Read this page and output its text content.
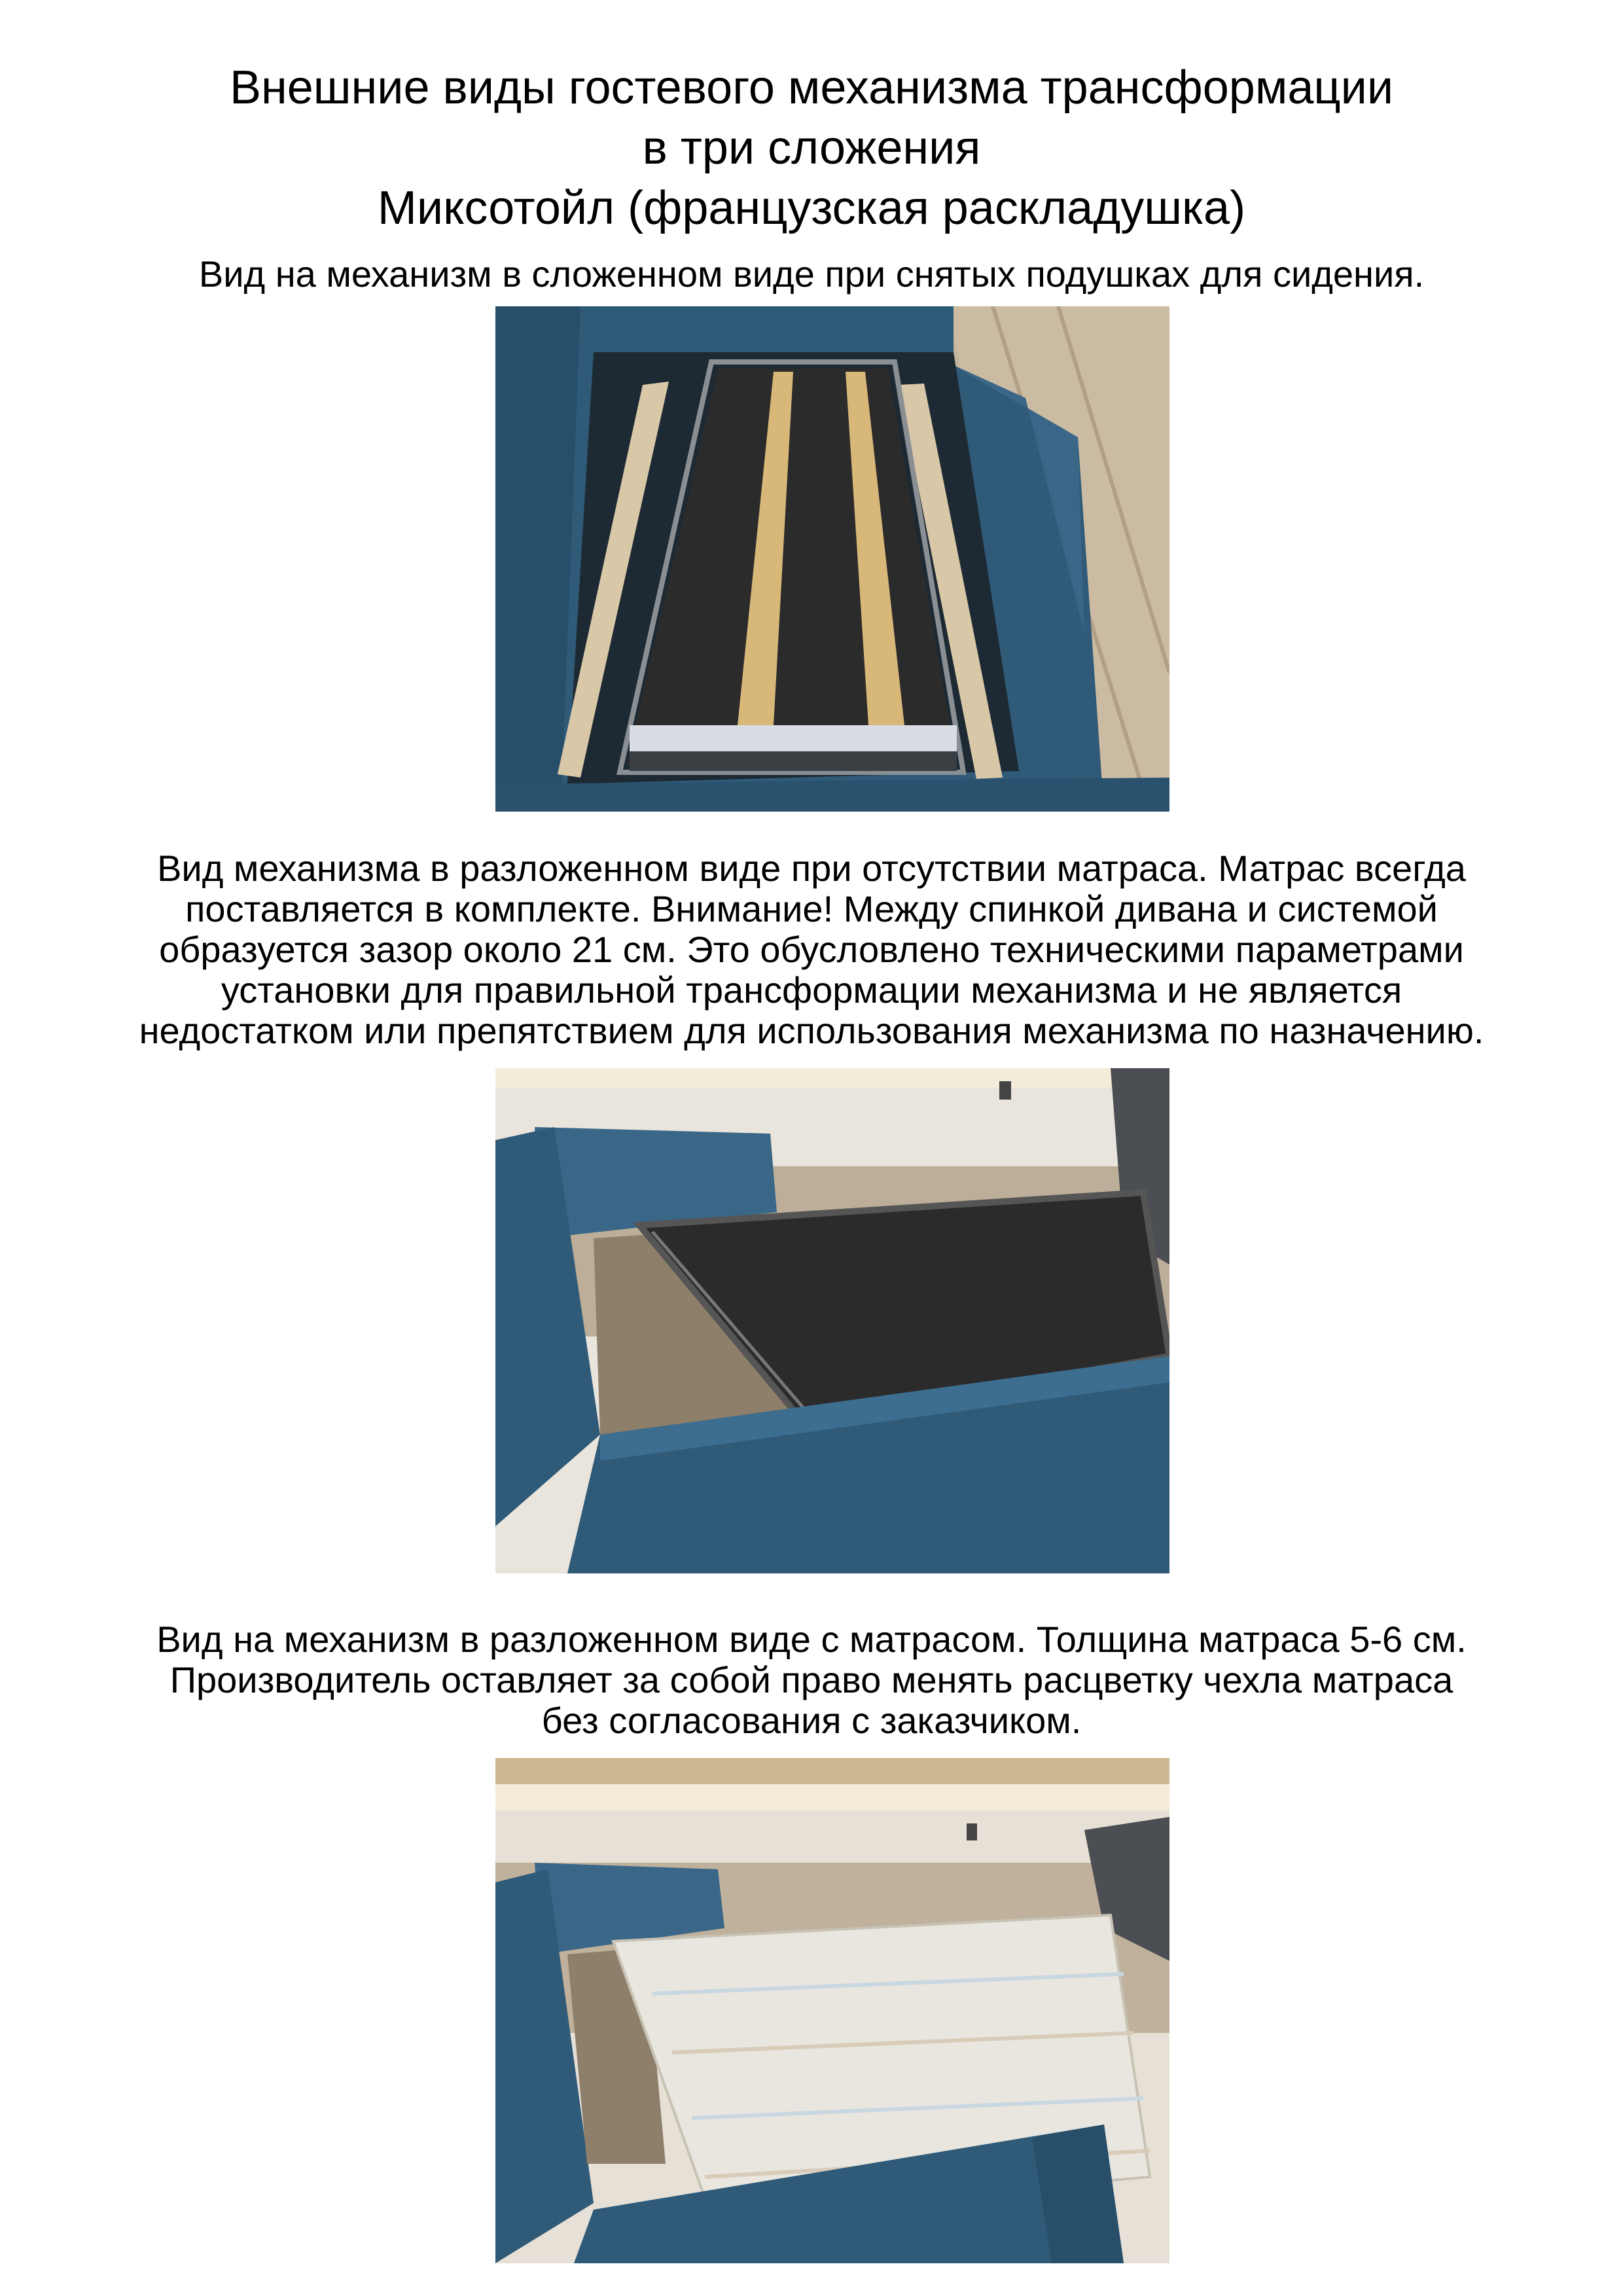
Внешние виды гостевого механизма трансформации
в три сложения
Миксотойл (французская раскладушка)
Вид на механизм в сложенном виде при снятых подушках для сидения.
Вид механизма в разложенном виде при отсутствии матраса. Матрас всегда
поставляется в комплекте. Внимание! Между спинкой дивана и системой
образуется зазор около 21 см. Это обусловлено техническими параметрами
установки для правильной трансформации механизма и не является
недостатком или препятствием для использования механизма по назначению.
Вид на механизм в разложенном виде с матрасом. Толщина матраса 5-6 см.
Производитель оставляет за собой право менять расцветку чехла матраса
без согласования с заказчиком.
